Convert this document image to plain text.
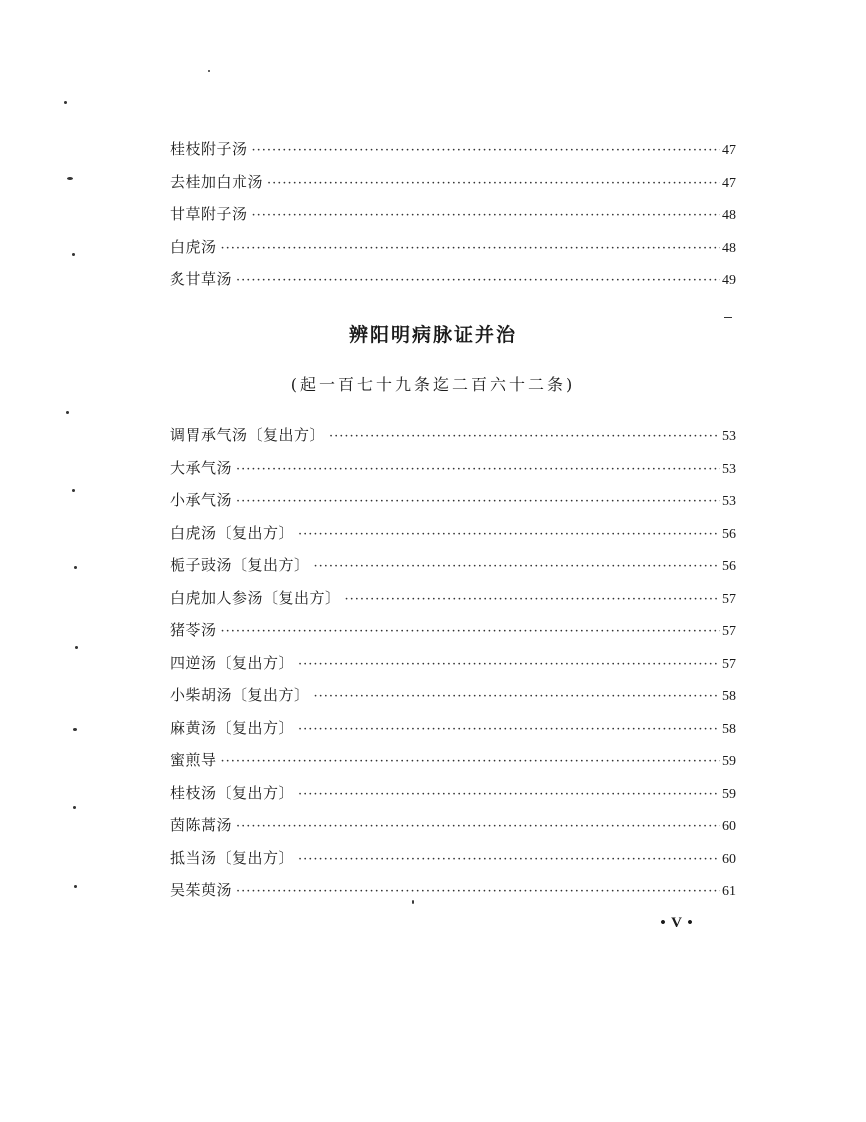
桂枝附子汤 ·····	47
去桂加白朮汤 ·····	47
甘草附子汤 ·····	48
白虎汤 ·····	48
炙甘草汤 ·····	49
辨阳明病脉证并治
(起一百七十九条迄二百六十二条)
调胃承气汤〔复出方〕 ·····	53
大承气汤 ·····	53
小承气汤 ·····	53
白虎汤〔复出方〕 ·····	56
栀子豉汤〔复出方〕 ·····	56
白虎加人参汤〔复出方〕 ·····	57
猪苓汤 ·····	57
四逆汤〔复出方〕 ·····	57
小柴胡汤〔复出方〕 ·····	58
麻黄汤〔复出方〕 ·····	58
蜜煎导 ·····	59
桂枝汤〔复出方〕 ·····	59
茵陈蒿汤 ·····	60
抵当汤〔复出方〕 ·····	60
吴茱萸汤 ·····	61
• V •
